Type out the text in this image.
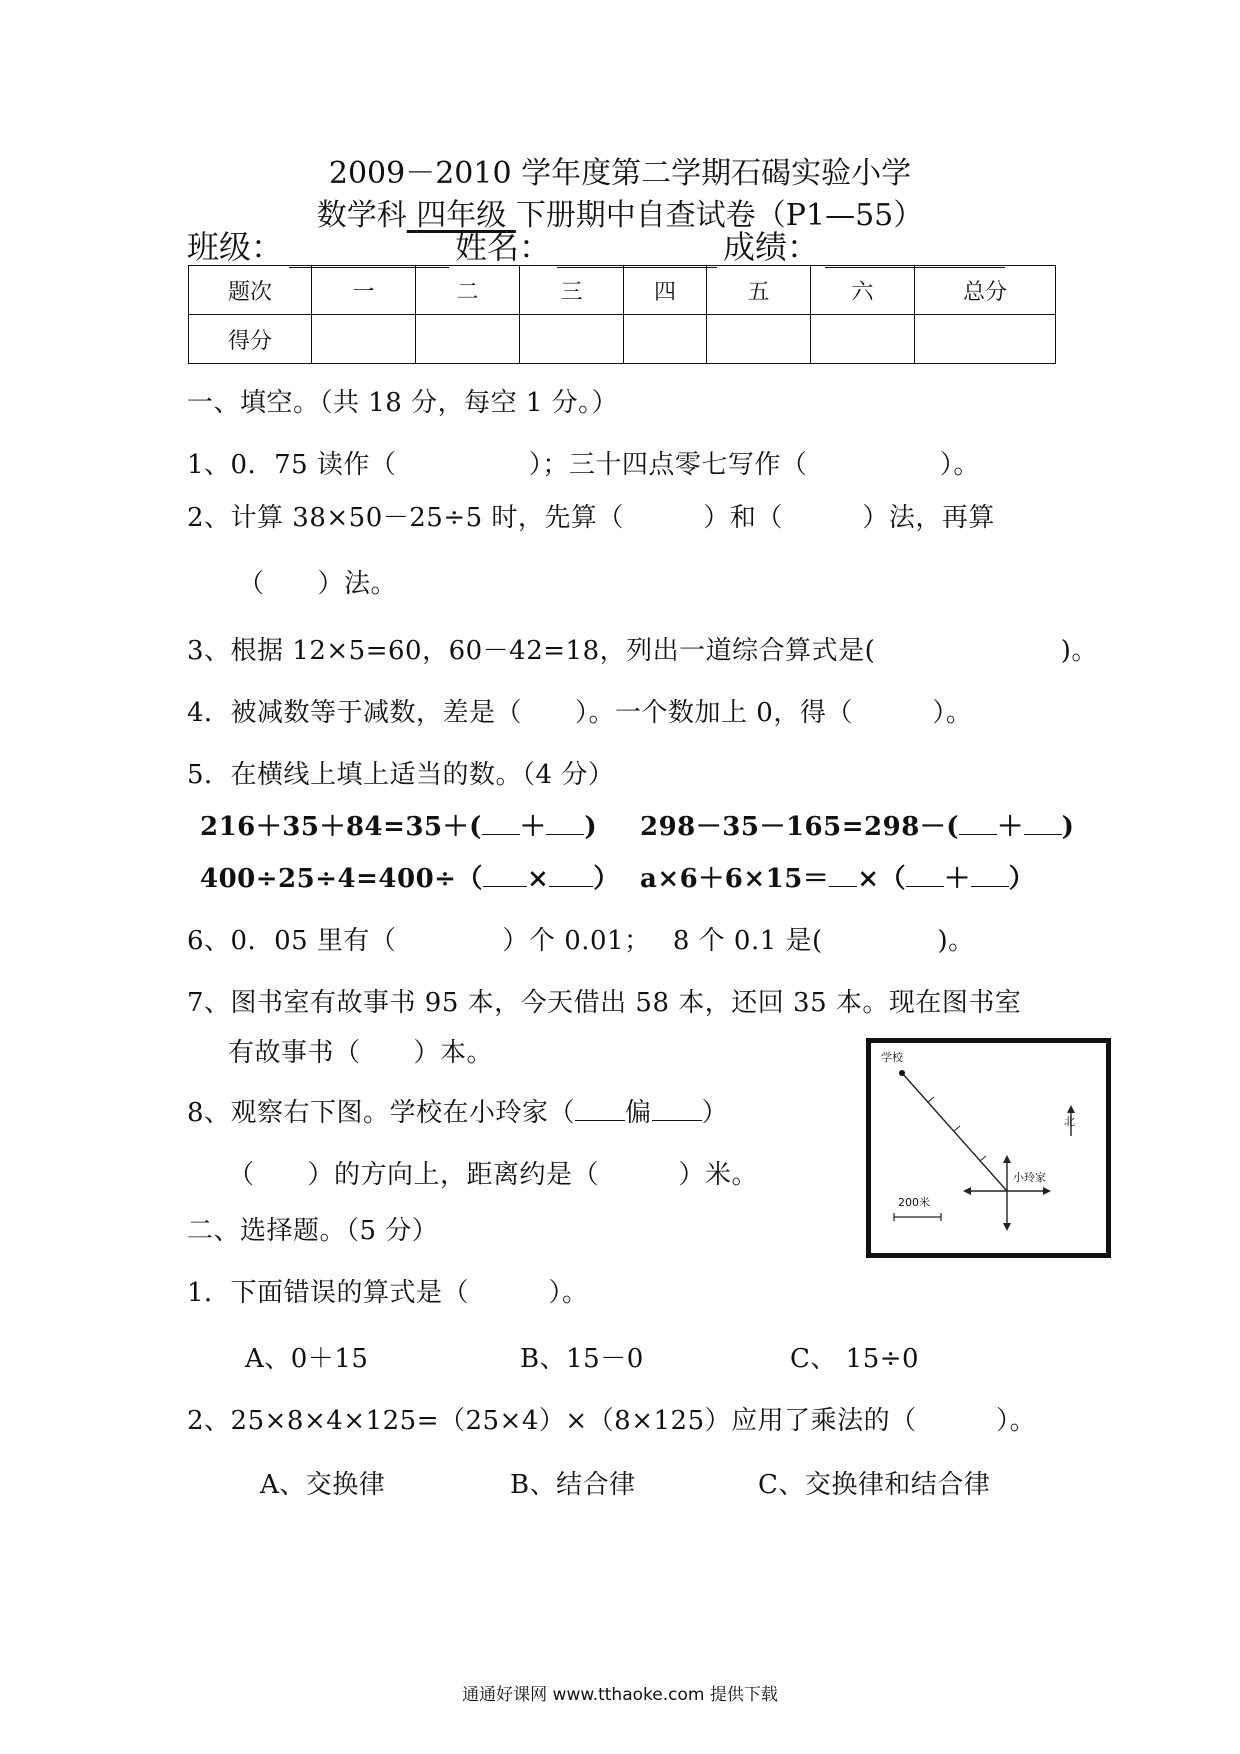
2009－2010 学年度第二学期石碣实验小学
数学科 四年级 下册期中自查试卷（P1—55）
班级：	姓名：	成绩：
题次	一	二	三	四	五	六	总分
得分							
一、填空。（共 18 分，每空 1 分。）
1、0．75 读作（　　　　　）；三十四点零七写作（　　　　　）。
2、计算 38×50－25÷5 时，先算（　　　）和（　　　）法，再算
（　　）法。
3、根据 12×5=60，60－42=18，列出一道综合算式是(　　　　　　　)。
4．被减数等于减数，差是（　　）。一个数加上 0，得（　　　）。
5．在横线上填上适当的数。（4 分）
216＋35＋84=35＋( ＋ ) 298－35－165=298－( ＋ )
400÷25÷4=400÷（ × ） a×6＋6×15＝ ×（ ＋ ）
6、0．05 里有（　　　　）个 0.01；　 8 个 0.1 是(　　　　 )。
7、图书室有故事书 95 本，今天借出 58 本，还回 35 本。现在图书室
有故事书（　　）本。
8、观察右下图。学校在小玲家（ 偏 ）
（　　）的方向上，距离约是（　　　）米。
学校
小玲家
北
200米
二、选择题。（5 分）
1．下面错误的算式是（　　　）。
A、0＋15	B、15－0	C、 15÷0
2、25×8×4×125=（25×4）×（8×125）应用了乘法的（　　　）。
A、交换律	B、结合律	C、交换律和结合律
通通好课网 www.tthaoke.com 提供下载
